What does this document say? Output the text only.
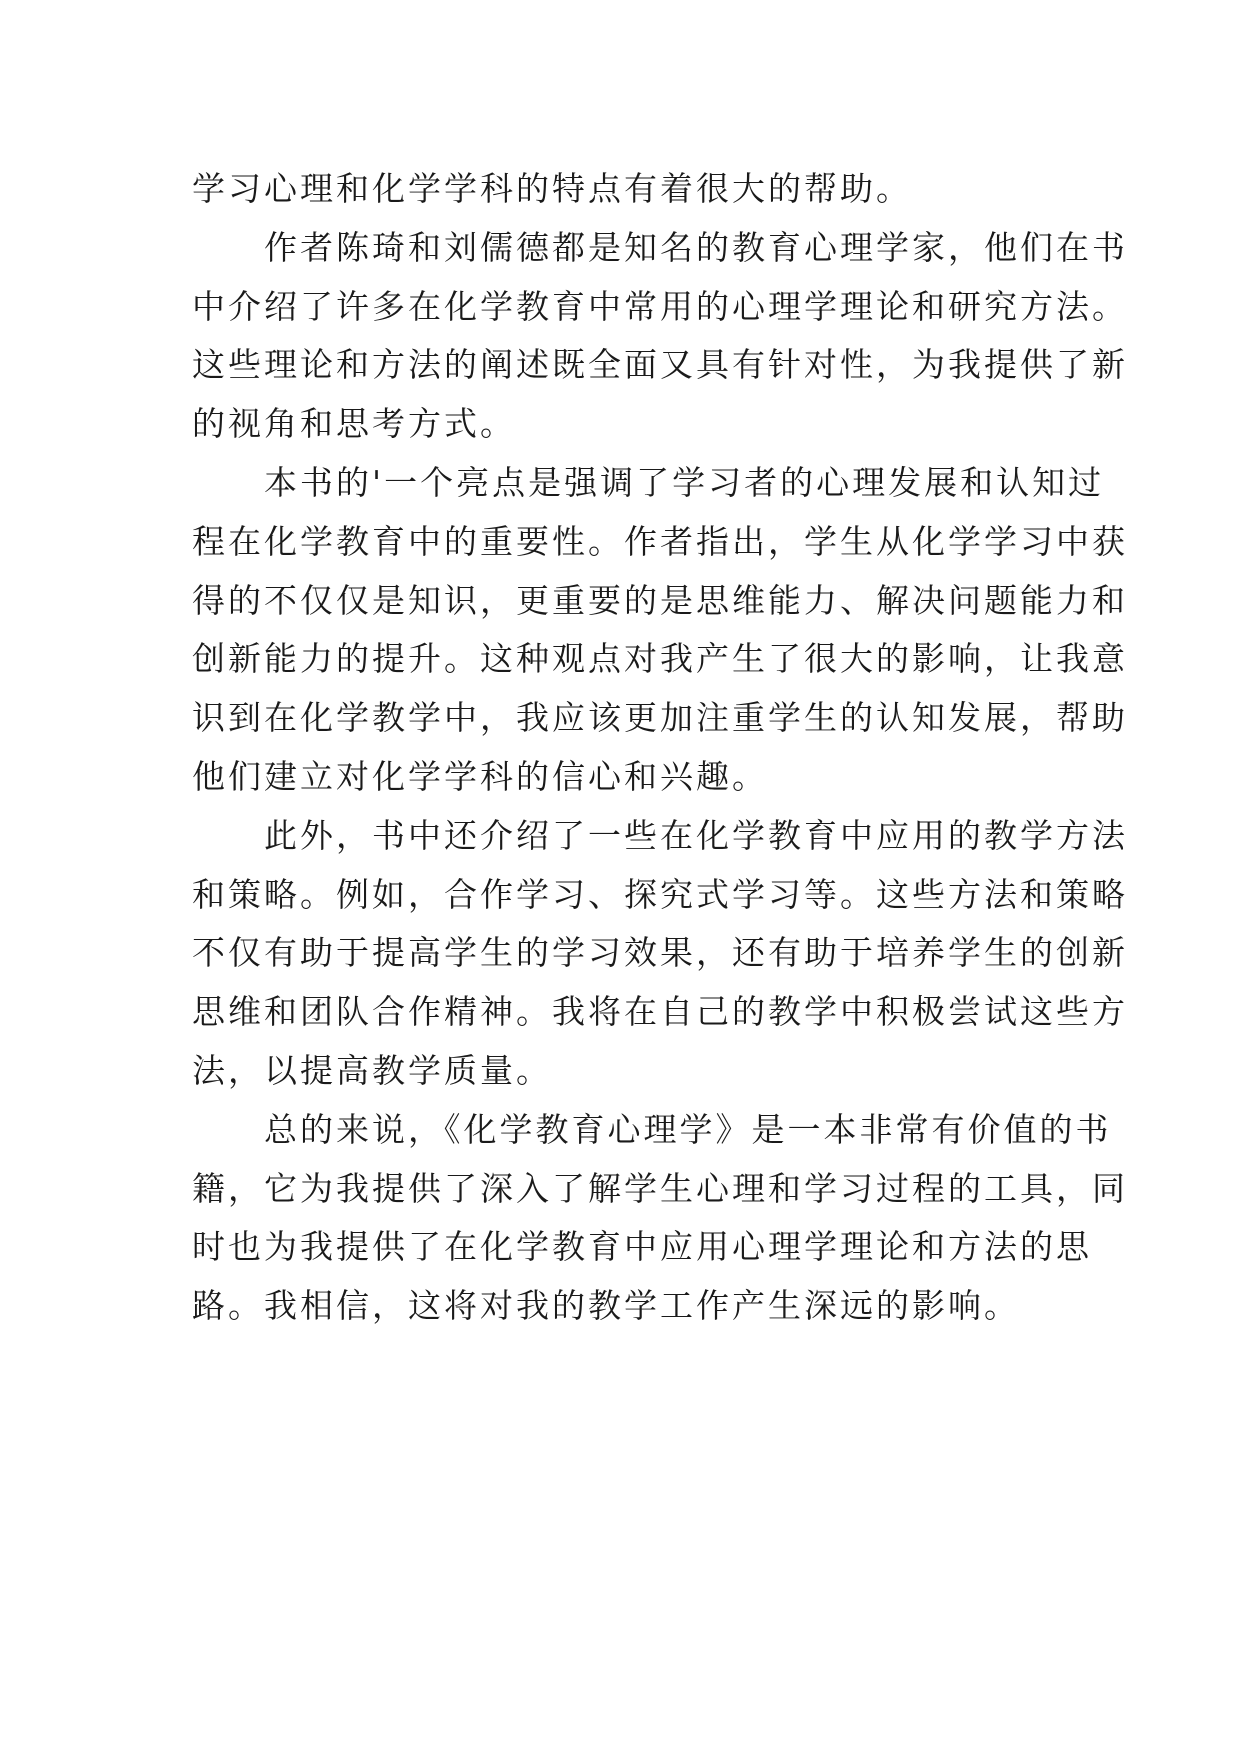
学习心理和化学学科的特点有着很大的帮助。
　　作者陈琦和刘儒德都是知名的教育心理学家，他们在书
中介绍了许多在化学教育中常用的心理学理论和研究方法。
这些理论和方法的阐述既全面又具有针对性，为我提供了新
的视角和思考方式。
　　本书的'一个亮点是强调了学习者的心理发展和认知过
程在化学教育中的重要性。作者指出，学生从化学学习中获
得的不仅仅是知识，更重要的是思维能力、解决问题能力和
创新能力的提升。这种观点对我产生了很大的影响，让我意
识到在化学教学中，我应该更加注重学生的认知发展，帮助
他们建立对化学学科的信心和兴趣。
　　此外，书中还介绍了一些在化学教育中应用的教学方法
和策略。例如，合作学习、探究式学习等。这些方法和策略
不仅有助于提高学生的学习效果，还有助于培养学生的创新
思维和团队合作精神。我将在自己的教学中积极尝试这些方
法，以提高教学质量。
　　总的来说，《化学教育心理学》是一本非常有价值的书
籍，它为我提供了深入了解学生心理和学习过程的工具，同
时也为我提供了在化学教育中应用心理学理论和方法的思
路。我相信，这将对我的教学工作产生深远的影响。
